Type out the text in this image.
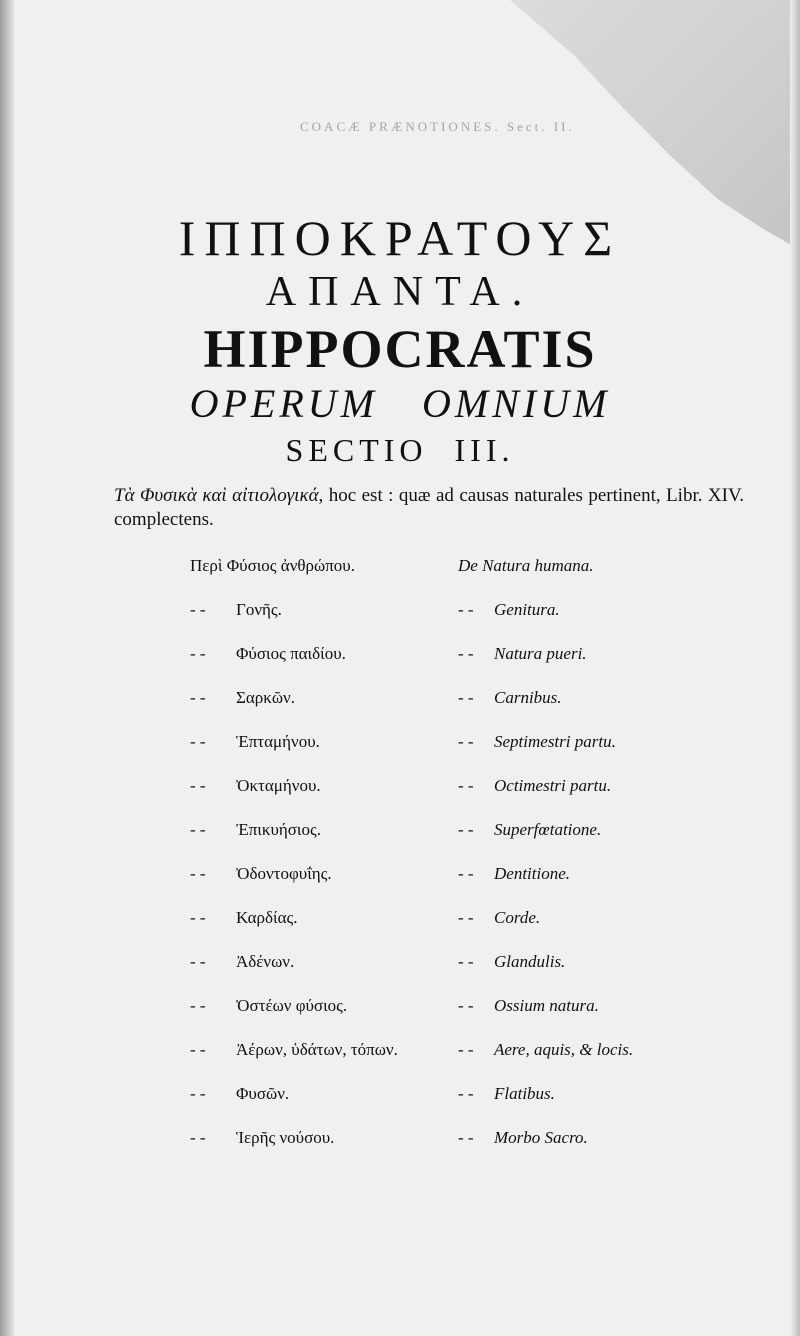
COACÆ PRÆNOTIONES. Sect. II.
ΙΠΠΟΚΡΑΤΟΥΣ
ΑΠΑΝΤΑ.
HIPPOCRATIS
OPERUM OMNIUM
SECTIO III.
Τὰ Φυσικὰ καὶ αἰτιολογικά, hoc est : quæ ad causas naturales pertinent, Libr. XIV. complectens.
Περὶ Φύσιος ἀνθρώπου.	De Natura humana.
- - Γονῆς.	- - Genitura.
- - Φύσιος παιδίου.	- - Natura pueri.
- - Σαρκῶν.	- - Carnibus.
- - Ἑπταμήνου.	- - Septimestri partu.
- - Ὀκταμήνου.	- - Octimestri partu.
- - Ἐπικυήσιος.	- - Superfœtatione.
- - Ὀδοντοφυΐης.	- - Dentitione.
- - Καρδίας.	- - Corde.
- - Ἀδένων.	- - Glandulis.
- - Ὀστέων φύσιος.	- - Ossium natura.
- - Ἀέρων, ὑδάτων, τόπων.	- - Aere, aquis, & locis.
- - Φυσῶν.	- - Flatibus.
- - Ἱερῆς νούσου.	- - Morbo Sacro.
